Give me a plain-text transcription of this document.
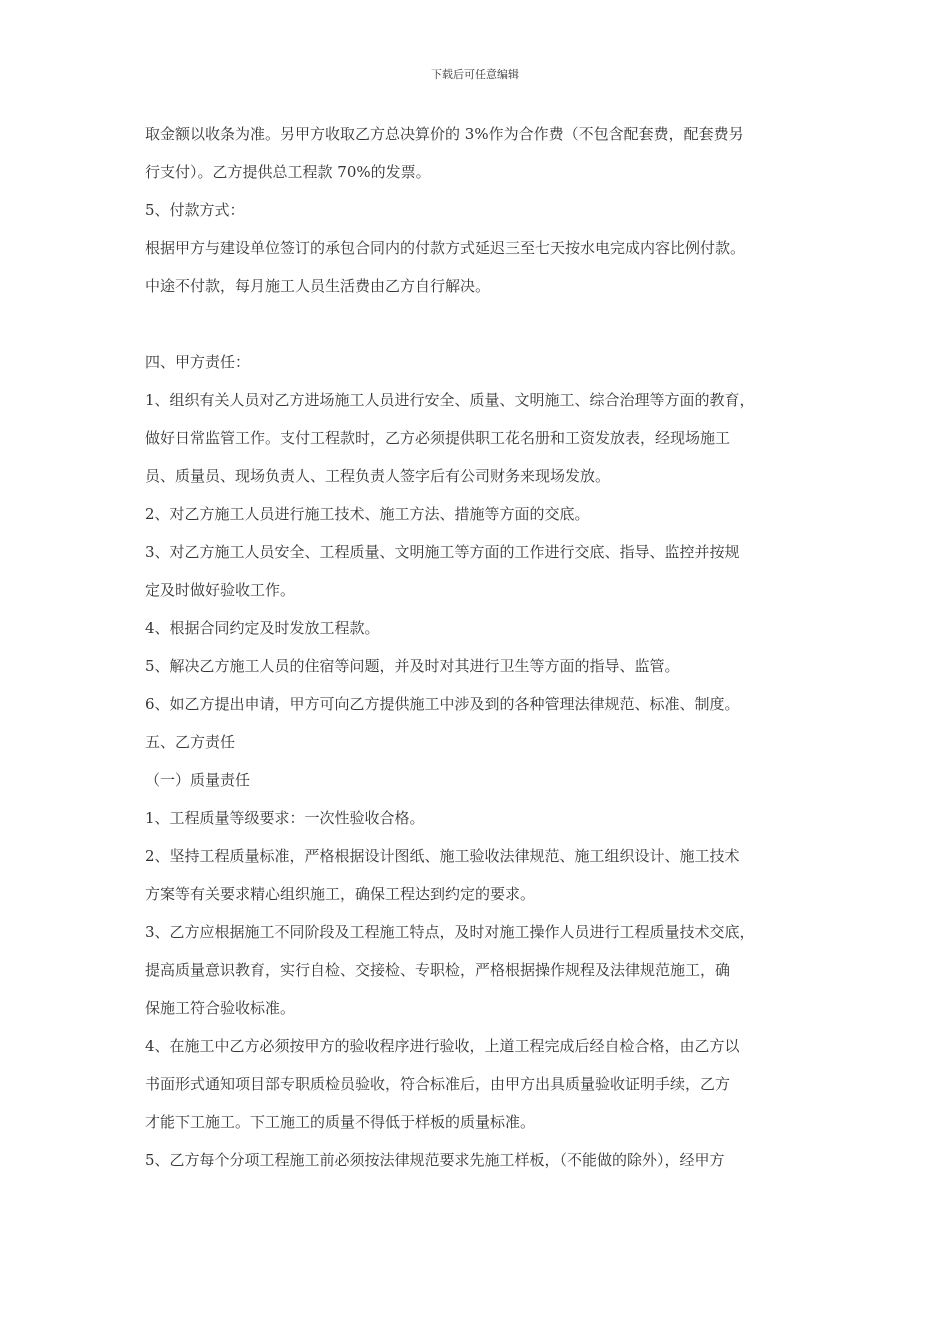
下载后可任意编辑
取金额以收条为准。另甲方收取乙方总决算价的 3%作为合作费（不包含配套费，配套费另
行支付）。乙方提供总工程款 70%的发票。
5、付款方式：
根据甲方与建设单位签订的承包合同内的付款方式延迟三至七天按水电完成内容比例付款。
中途不付款，每月施工人员生活费由乙方自行解决。
四、甲方责任：
1、组织有关人员对乙方进场施工人员进行安全、质量、文明施工、综合治理等方面的教育，
做好日常监管工作。支付工程款时，乙方必须提供职工花名册和工资发放表，经现场施工
员、质量员、现场负责人、工程负责人签字后有公司财务来现场发放。
2、对乙方施工人员进行施工技术、施工方法、措施等方面的交底。
3、对乙方施工人员安全、工程质量、文明施工等方面的工作进行交底、指导、监控并按规
定及时做好验收工作。
4、根据合同约定及时发放工程款。
5、解决乙方施工人员的住宿等问题，并及时对其进行卫生等方面的指导、监管。
6、如乙方提出申请，甲方可向乙方提供施工中涉及到的各种管理法律规范、标准、制度。
五、乙方责任
（一）质量责任
1、工程质量等级要求：一次性验收合格。
2、坚持工程质量标准，严格根据设计图纸、施工验收法律规范、施工组织设计、施工技术
方案等有关要求精心组织施工，确保工程达到约定的要求。
3、乙方应根据施工不同阶段及工程施工特点，及时对施工操作人员进行工程质量技术交底，
提高质量意识教育，实行自检、交接检、专职检，严格根据操作规程及法律规范施工，确
保施工符合验收标准。
4、在施工中乙方必须按甲方的验收程序进行验收，上道工程完成后经自检合格，由乙方以
书面形式通知项目部专职质检员验收，符合标准后，由甲方出具质量验收证明手续，乙方
才能下工施工。下工施工的质量不得低于样板的质量标准。
5、乙方每个分项工程施工前必须按法律规范要求先施工样板，（不能做的除外），经甲方
